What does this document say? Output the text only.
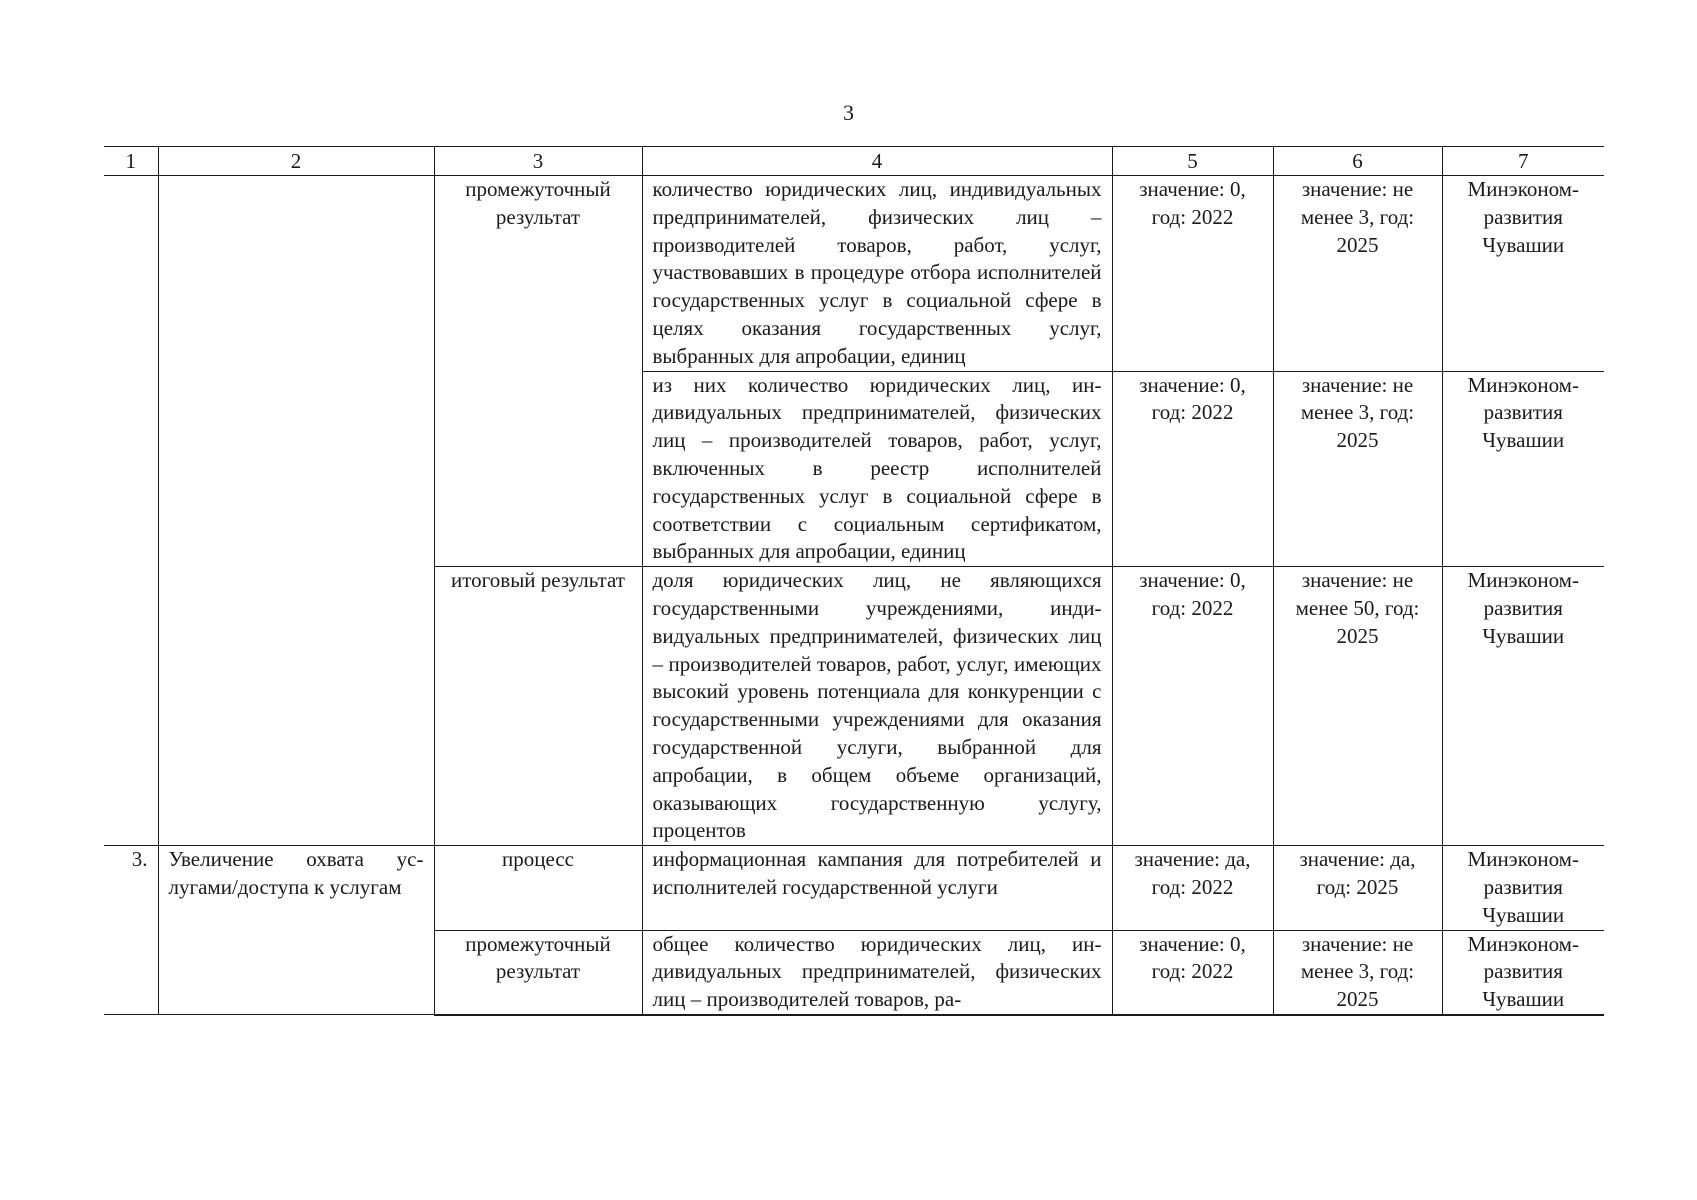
3
1	2	3	4	5	6	7
		промежуточный результат	количество юридических лиц, индивидуальных предпринимателей, физических лиц – производителей товаров, работ, услуг, участвовавших в процедуре отбора исполнителей государственных услуг в социальной сфере в целях оказания государственных услуг, выбранных для апробации, единиц	значение: 0, год: 2022	значение: не менее 3, год: 2025	Минэкономразвития Чувашии
			из них количество юридических лиц, индивидуальных предпринимателей, физических лиц – производителей товаров, работ, услуг, включенных в реестр исполнителей государственных услуг в социальной сфере в соответствии с социальным сертификатом, выбранных для апробации, единиц	значение: 0, год: 2022	значение: не менее 3, год: 2025	Минэкономразвития Чувашии
		итоговый результат	доля юридических лиц, не являющихся государственными учреждениями, индивидуальных предпринимателей, физических лиц – производителей товаров, работ, услуг, имеющих высокий уровень потенциала для конкуренции с государственными учреждениями для оказания государственной услуги, выбранной для апробации, в общем объеме организаций, оказывающих государственную услугу, процентов	значение: 0, год: 2022	значение: не менее 50, год: 2025	Минэкономразвития Чувашии
3.	Увеличение охвата услугами/доступа к услугам	процесс	информационная кампания для потребителей и исполнителей государственной услуги	значение: да, год: 2022	значение: да, год: 2025	Минэкономразвития Чувашии
		промежуточный результат	общее количество юридических лиц, индивидуальных предпринимателей, физических лиц – производителей товаров, ра-	значение: 0, год: 2022	значение: не менее 3, год: 2025	Минэкономразвития Чувашии
